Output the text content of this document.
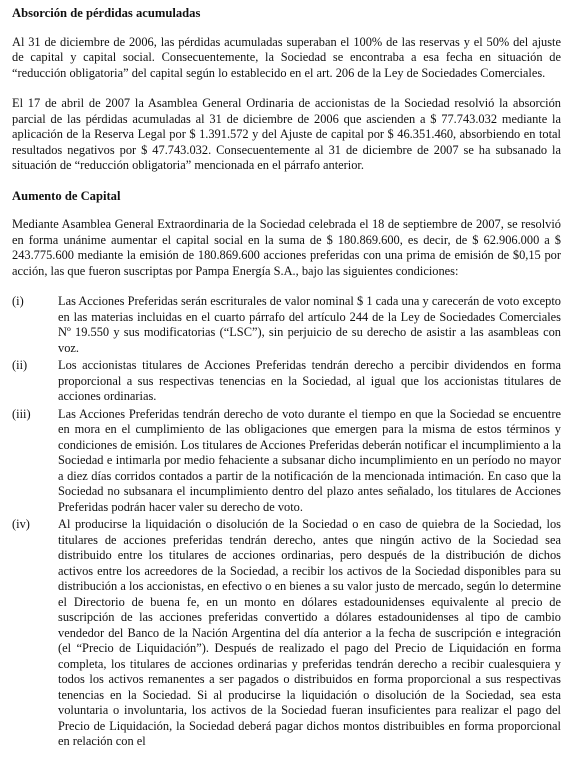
Absorción de pérdidas acumuladas

Al 31 de diciembre de 2006, las pérdidas acumuladas superaban el 100% de las reservas y el 50% del ajuste de capital y capital social. Consecuentemente, la Sociedad se encontraba a esa fecha en situación de “reducción obligatoria” del capital según lo establecido en el art. 206 de la Ley de Sociedades Comerciales.

El 17 de abril de 2007 la Asamblea General Ordinaria de accionistas de la Sociedad resolvió la absorción parcial de las pérdidas acumuladas al 31 de diciembre de 2006 que ascienden a $ 77.743.032 mediante la aplicación de la Reserva Legal por $ 1.391.572 y del Ajuste de capital por $ 46.351.460, absorbiendo en total resultados negativos por $ 47.743.032. Consecuentemente al 31 de diciembre de 2007 se ha subsanado la situación de “reducción obligatoria” mencionada en el párrafo anterior.

Aumento de Capital

Mediante Asamblea General Extraordinaria de la Sociedad celebrada el 18 de septiembre de 2007, se resolvió en forma unánime aumentar el capital social en la suma de $ 180.869.600, es decir, de $ 62.906.000 a $ 243.775.600 mediante la emisión de 180.869.600 acciones preferidas con una prima de emisión de $0,15 por acción, las que fueron suscriptas por Pampa Energía S.A., bajo las siguientes condiciones:

(i)	Las Acciones Preferidas serán escriturales de valor nominal $ 1 cada una y carecerán de voto excepto en las materias incluidas en el cuarto párrafo del artículo 244 de la Ley de Sociedades Comerciales Nº 19.550 y sus modificatorias (“LSC”), sin perjuicio de su derecho de asistir a las asambleas con voz.
(ii)	Los accionistas titulares de Acciones Preferidas tendrán derecho a percibir dividendos en forma proporcional a sus respectivas tenencias en la Sociedad, al igual que los accionistas titulares de acciones ordinarias.
(iii)	Las Acciones Preferidas tendrán derecho de voto durante el tiempo en que la Sociedad se encuentre en mora en el cumplimiento de las obligaciones que emergen para la misma de estos términos y condiciones de emisión. Los titulares de Acciones Preferidas deberán notificar el incumplimiento a la Sociedad e intimarla por medio fehaciente a subsanar dicho incumplimiento en un período no mayor a diez días corridos contados a partir de la notificación de la mencionada intimación. En caso que la Sociedad no subsanara el incumplimiento dentro del plazo antes señalado, los titulares de Acciones Preferidas podrán hacer valer su derecho de voto.
(iv)	Al producirse la liquidación o disolución de la Sociedad o en caso de quiebra de la Sociedad, los titulares de acciones preferidas tendrán derecho, antes que ningún activo de la Sociedad sea distribuido entre los titulares de acciones ordinarias, pero después de la distribución de dichos activos entre los acreedores de la Sociedad, a recibir los activos de la Sociedad disponibles para su distribución a los accionistas, en efectivo o en bienes a su valor justo de mercado, según lo determine el Directorio de buena fe, en un monto en dólares estadounidenses equivalente al precio de suscripción de las acciones preferidas convertido a dólares estadounidenses al tipo de cambio vendedor del Banco de la Nación Argentina del día anterior a la fecha de suscripción e integración (el “Precio de Liquidación”). Después de realizado el pago del Precio de Liquidación en forma completa, los titulares de acciones ordinarias y preferidas tendrán derecho a recibir cualesquiera y todos los activos remanentes a ser pagados o distribuidos en forma proporcional a sus respectivas tenencias en la Sociedad. Si al producirse la liquidación o disolución de la Sociedad, sea esta voluntaria o involuntaria, los activos de la Sociedad fueran insuficientes para realizar el pago del Precio de Liquidación, la Sociedad deberá pagar dichos montos distribuibles en forma proporcional en relación con el
